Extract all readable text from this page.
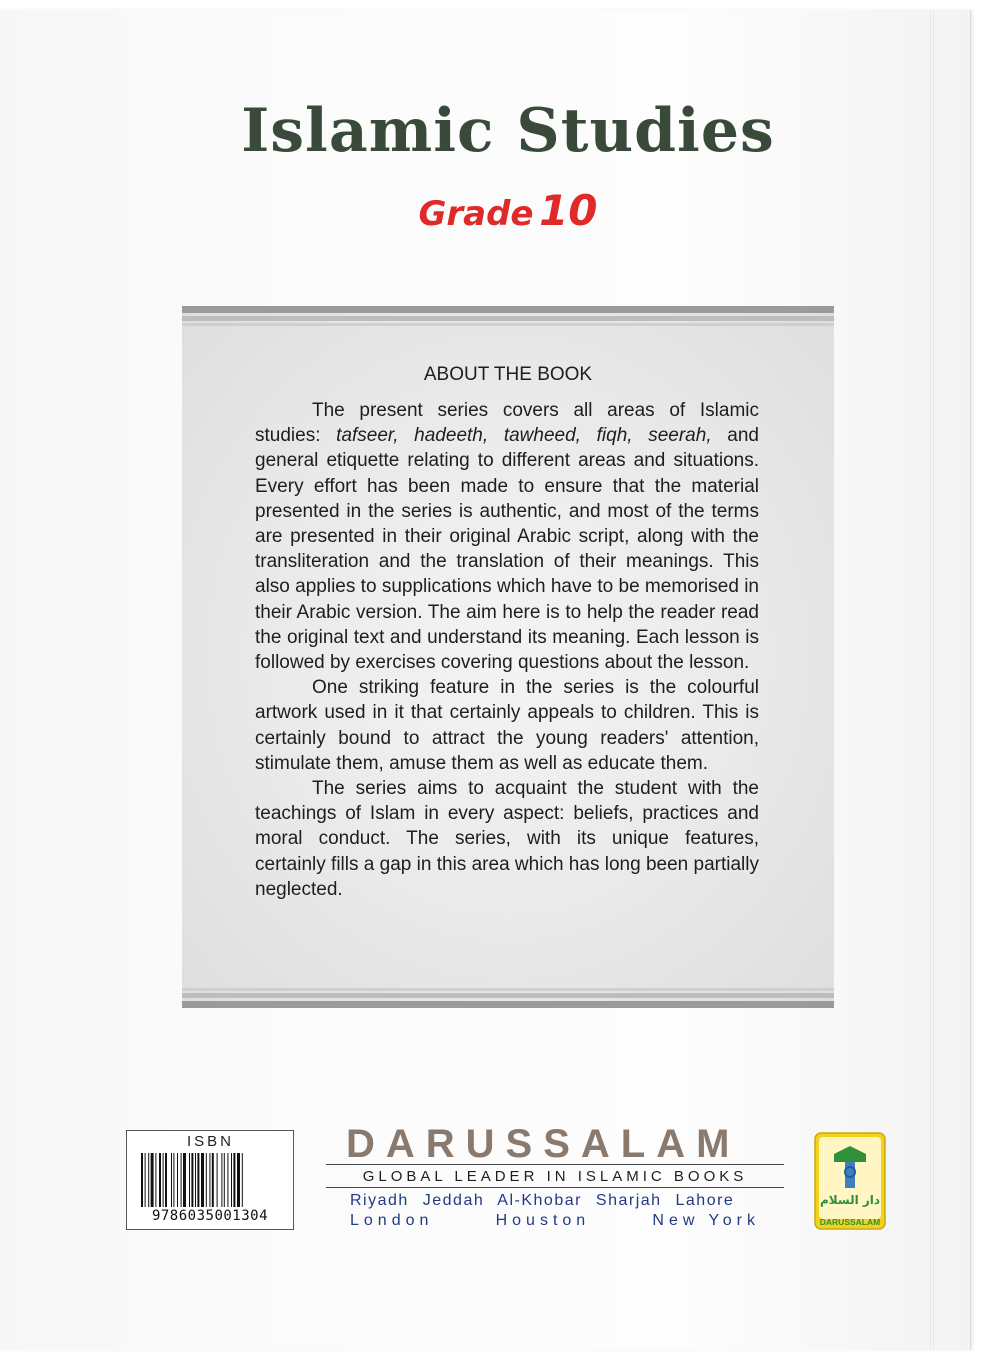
Islamic Studies
Grade 10
ABOUT THE BOOK

The present series covers all areas of Islamic studies: tafseer, hadeeth, tawheed, fiqh, seerah, and general etiquette relating to different areas and situations. Every effort has been made to ensure that the material presented in the series is authentic, and most of the terms are presented in their original Arabic script, along with the transliteration and the translation of their meanings. This also applies to supplications which have to be memorised in their Arabic version. The aim here is to help the reader read the original text and understand its meaning. Each lesson is followed by exercises covering questions about the lesson.

One striking feature in the series is the colourful artwork used in it that certainly appeals to children. This is certainly bound to attract the young readers' attention, stimulate them, amuse them as well as educate them.

The series aims to acquaint the student with the teachings of Islam in every aspect: beliefs, practices and moral conduct. The series, with its unique features, certainly fills a gap in this area which has long been partially neglected.

ISBN
9786035001304
DARUSSALAM
GLOBAL LEADER IN ISLAMIC BOOKS
Riyadh Jeddah Al-Khobar Sharjah Lahore
London	Houston	New York
دار السلام
DARUSSALAM
